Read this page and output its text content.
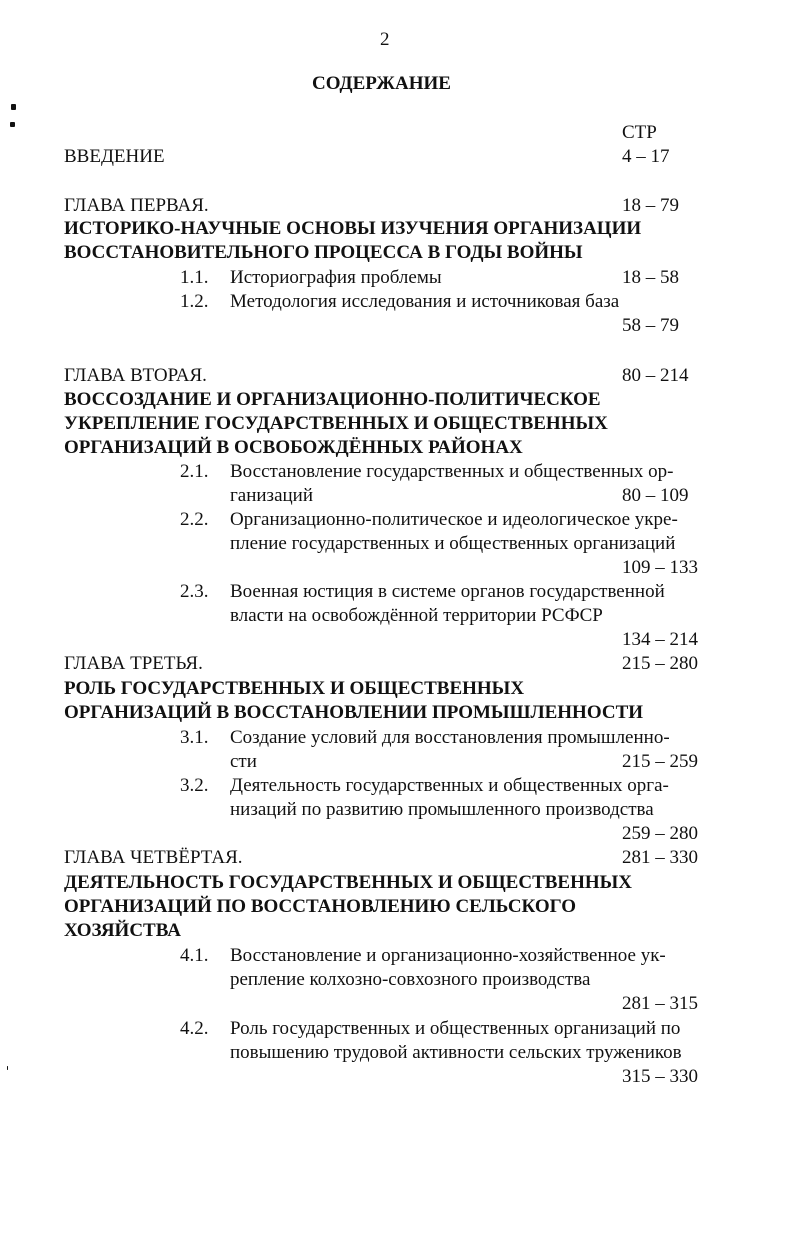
2
СОДЕРЖАНИЕ
СТР
ВВЕДЕНИЕ	4 – 17
ГЛАВА ПЕРВАЯ.	18 – 79
ИСТОРИКО-НАУЧНЫЕ ОСНОВЫ ИЗУЧЕНИЯ ОРГАНИЗАЦИИ
ВОССТАНОВИТЕЛЬНОГО ПРОЦЕССА В ГОДЫ ВОЙНЫ
1.1. Историография проблемы	18 – 58
1.2. Методология исследования и источниковая база
58 – 79
ГЛАВА ВТОРАЯ.	80 – 214
ВОССОЗДАНИЕ И ОРГАНИЗАЦИОННО-ПОЛИТИЧЕСКОЕ
УКРЕПЛЕНИЕ ГОСУДАРСТВЕННЫХ И ОБЩЕСТВЕННЫХ
ОРГАНИЗАЦИЙ В ОСВОБОЖДЁННЫХ РАЙОНАХ
2.1. Восстановление государственных и общественных ор-
ганизаций	80 – 109
2.2. Организационно-политическое и идеологическое укре-
пление государственных и общественных организаций
109 – 133
2.3. Военная юстиция в системе органов государственной
власти на освобождённой территории РСФСР
134 – 214
ГЛАВА ТРЕТЬЯ.	215 – 280
РОЛЬ ГОСУДАРСТВЕННЫХ И ОБЩЕСТВЕННЫХ
ОРГАНИЗАЦИЙ В ВОССТАНОВЛЕНИИ ПРОМЫШЛЕННОСТИ
3.1. Создание условий для восстановления промышленно-
сти	215 – 259
3.2. Деятельность государственных и общественных орга-
низаций по развитию промышленного производства
259 – 280
ГЛАВА ЧЕТВЁРТАЯ.	281 – 330
ДЕЯТЕЛЬНОСТЬ ГОСУДАРСТВЕННЫХ И ОБЩЕСТВЕННЫХ
ОРГАНИЗАЦИЙ ПО ВОССТАНОВЛЕНИЮ СЕЛЬСКОГО
ХОЗЯЙСТВА
4.1. Восстановление и организационно-хозяйственное ук-
репление колхозно-совхозного производства
281 – 315
4.2. Роль государственных и общественных организаций по
повышению трудовой активности сельских тружеников
315 – 330
